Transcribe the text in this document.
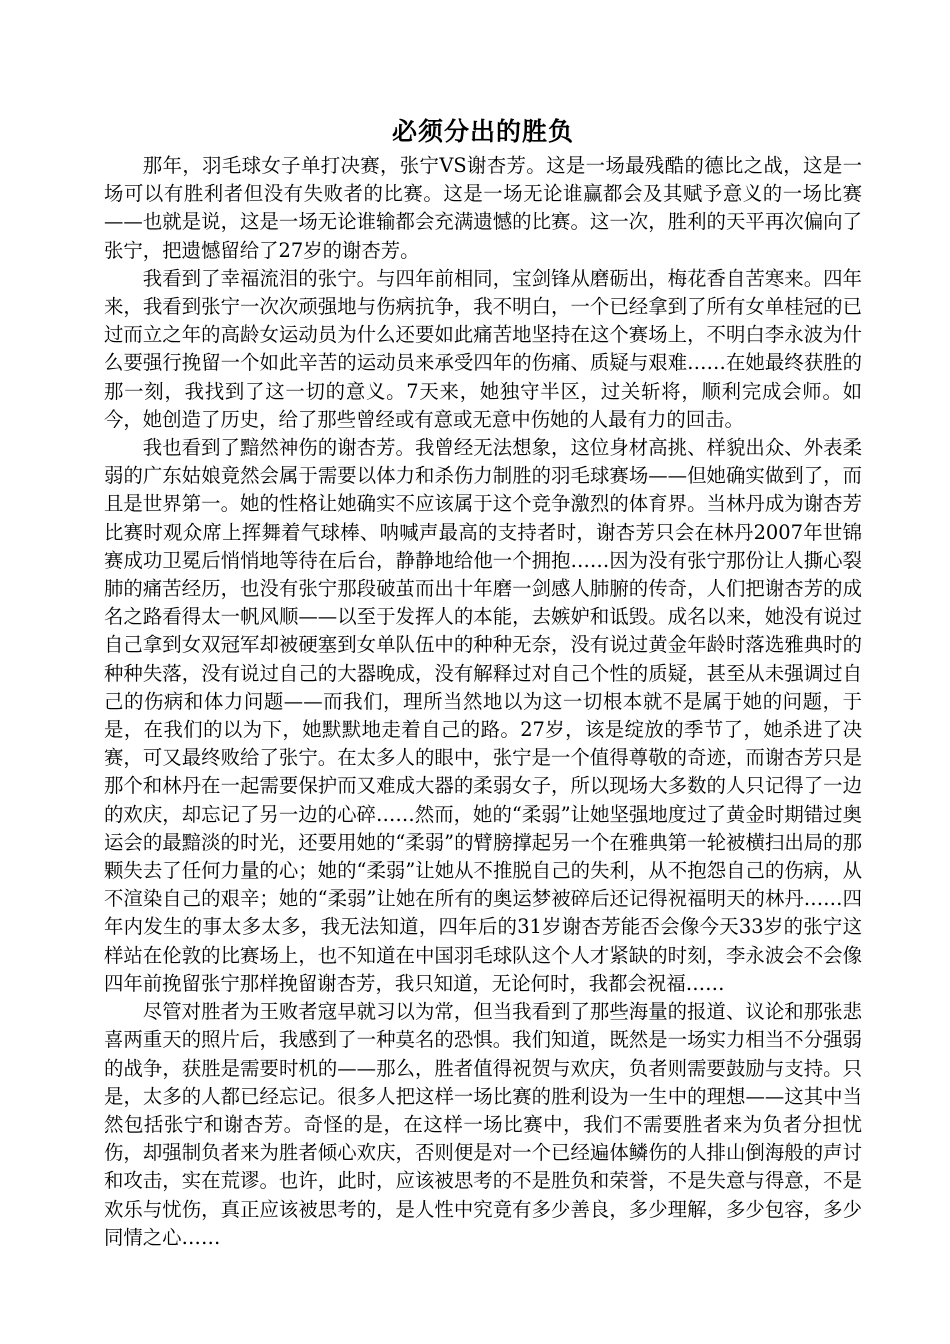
必须分出的胜负

那年，羽毛球女子单打决赛，张宁VS谢杏芳。这是一场最残酷的德比之战，这是一场可以有胜利者但没有失败者的比赛。这是一场无论谁赢都会及其赋予意义的一场比赛——也就是说，这是一场无论谁输都会充满遗憾的比赛。这一次，胜利的天平再次偏向了张宁，把遗憾留给了27岁的谢杏芳。

我看到了幸福流泪的张宁。与四年前相同，宝剑锋从磨砺出，梅花香自苦寒来。四年来，我看到张宁一次次顽强地与伤病抗争，我不明白，一个已经拿到了所有女单桂冠的已过而立之年的高龄女运动员为什么还要如此痛苦地坚持在这个赛场上，不明白李永波为什么要强行挽留一个如此辛苦的运动员来承受四年的伤痛、质疑与艰难……在她最终获胜的那一刻，我找到了这一切的意义。7天来，她独守半区，过关斩将，顺利完成会师。如今，她创造了历史，给了那些曾经或有意或无意中伤她的人最有力的回击。

我也看到了黯然神伤的谢杏芳。我曾经无法想象，这位身材高挑、样貌出众、外表柔弱的广东姑娘竟然会属于需要以体力和杀伤力制胜的羽毛球赛场——但她确实做到了，而且是世界第一。她的性格让她确实不应该属于这个竞争激烈的体育界。当林丹成为谢杏芳比赛时观众席上挥舞着气球棒、呐喊声最高的支持者时，谢杏芳只会在林丹2007年世锦赛成功卫冕后悄悄地等待在后台，静静地给他一个拥抱……因为没有张宁那份让人撕心裂肺的痛苦经历，也没有张宁那段破茧而出十年磨一剑感人肺腑的传奇，人们把谢杏芳的成名之路看得太一帆风顺——以至于发挥人的本能，去嫉妒和诋毁。成名以来，她没有说过自己拿到女双冠军却被硬塞到女单队伍中的种种无奈，没有说过黄金年龄时落选雅典时的种种失落，没有说过自己的大器晚成，没有解释过对自己个性的质疑，甚至从未强调过自己的伤病和体力问题——而我们，理所当然地以为这一切根本就不是属于她的问题，于是，在我们的以为下，她默默地走着自己的路。27岁，该是绽放的季节了，她杀进了决赛，可又最终败给了张宁。在太多人的眼中，张宁是一个值得尊敬的奇迹，而谢杏芳只是那个和林丹在一起需要保护而又难成大器的柔弱女子，所以现场大多数的人只记得了一边的欢庆，却忘记了另一边的心碎……然而，她的“柔弱”让她坚强地度过了黄金时期错过奥运会的最黯淡的时光，还要用她的“柔弱”的臂膀撑起另一个在雅典第一轮被横扫出局的那颗失去了任何力量的心；她的“柔弱”让她从不推脱自己的失利，从不抱怨自己的伤病，从不渲染自己的艰辛；她的“柔弱”让她在所有的奥运梦被碎后还记得祝福明天的林丹……四年内发生的事太多太多，我无法知道，四年后的31岁谢杏芳能否会像今天33岁的张宁这样站在伦敦的比赛场上，也不知道在中国羽毛球队这个人才紧缺的时刻，李永波会不会像四年前挽留张宁那样挽留谢杏芳，我只知道，无论何时，我都会祝福……

尽管对胜者为王败者寇早就习以为常，但当我看到了那些海量的报道、议论和那张悲喜两重天的照片后，我感到了一种莫名的恐惧。我们知道，既然是一场实力相当不分强弱的战争，获胜是需要时机的——那么，胜者值得祝贺与欢庆，负者则需要鼓励与支持。只是，太多的人都已经忘记。很多人把这样一场比赛的胜利设为一生中的理想——这其中当然包括张宁和谢杏芳。奇怪的是，在这样一场比赛中，我们不需要胜者来为负者分担忧伤，却强制负者来为胜者倾心欢庆，否则便是对一个已经遍体鳞伤的人排山倒海般的声讨和攻击，实在荒谬。也许，此时，应该被思考的不是胜负和荣誉，不是失意与得意，不是欢乐与忧伤，真正应该被思考的，是人性中究竟有多少善良，多少理解，多少包容，多少同情之心……
